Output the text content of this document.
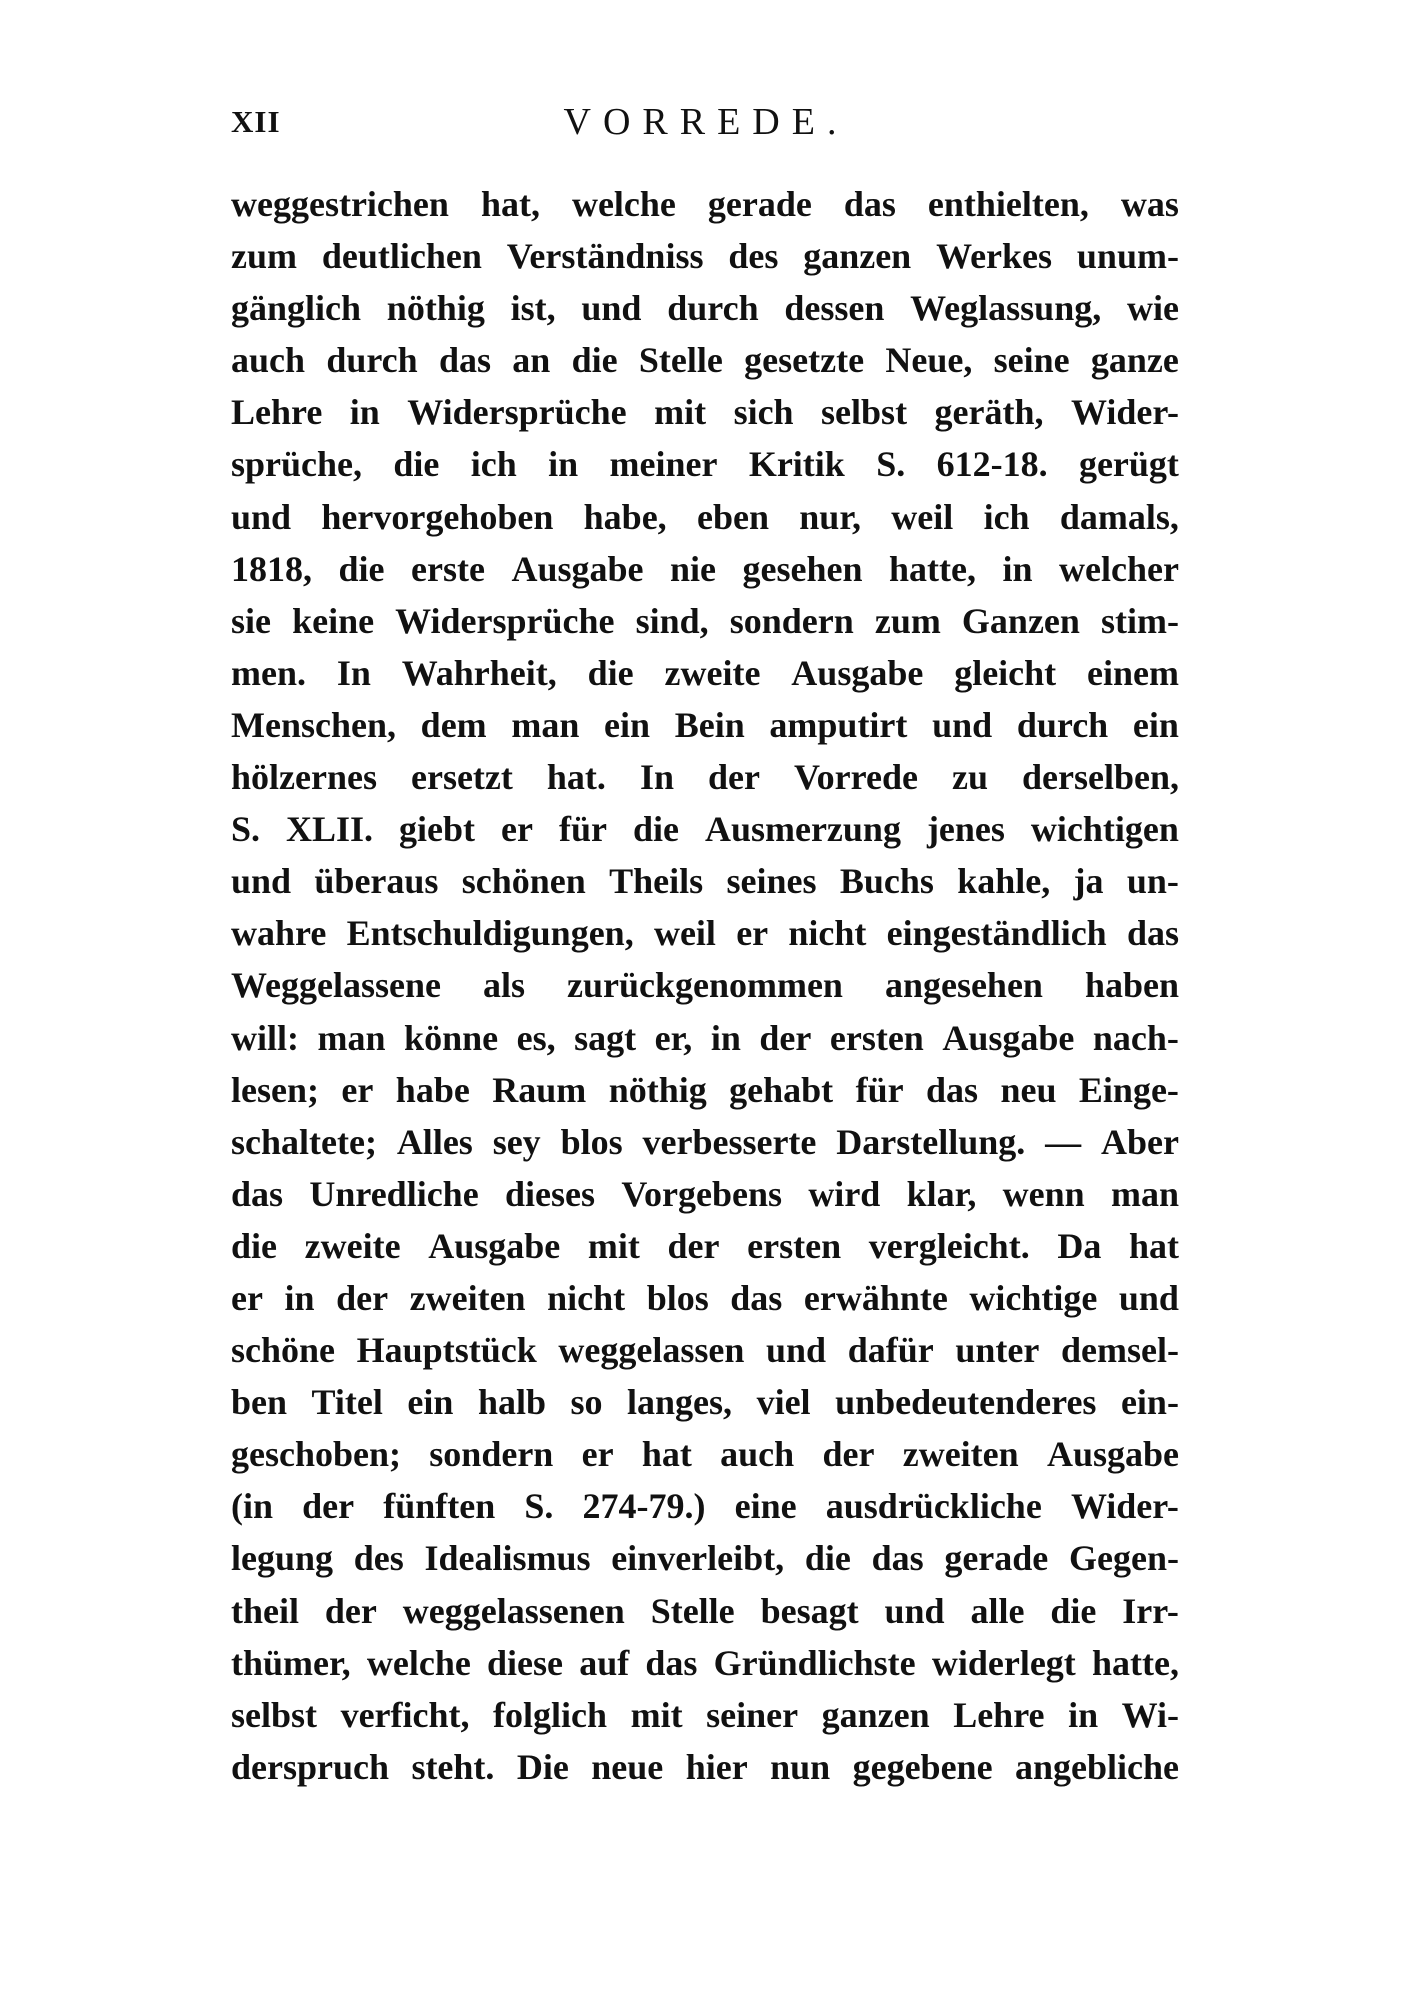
XII	VORREDE.
weggestrichen hat, welche gerade das enthielten, was
zum deutlichen Verständniss des ganzen Werkes unum-
gänglich nöthig ist, und durch dessen Weglassung, wie
auch durch das an die Stelle gesetzte Neue, seine ganze
Lehre in Widersprüche mit sich selbst geräth, Wider-
sprüche, die ich in meiner Kritik S. 612-18. gerügt
und hervorgehoben habe, eben nur, weil ich damals,
1818, die erste Ausgabe nie gesehen hatte, in welcher
sie keine Widersprüche sind, sondern zum Ganzen stim-
men. In Wahrheit, die zweite Ausgabe gleicht einem
Menschen, dem man ein Bein amputirt und durch ein
hölzernes ersetzt hat. In der Vorrede zu derselben,
S. XLII. giebt er für die Ausmerzung jenes wichtigen
und überaus schönen Theils seines Buchs kahle, ja un-
wahre Entschuldigungen, weil er nicht eingeständlich das
Weggelassene als zurückgenommen angesehen haben
will: man könne es, sagt er, in der ersten Ausgabe nach-
lesen; er habe Raum nöthig gehabt für das neu Einge-
schaltete; Alles sey blos verbesserte Darstellung. — Aber
das Unredliche dieses Vorgebens wird klar, wenn man
die zweite Ausgabe mit der ersten vergleicht. Da hat
er in der zweiten nicht blos das erwähnte wichtige und
schöne Hauptstück weggelassen und dafür unter demsel-
ben Titel ein halb so langes, viel unbedeutenderes ein-
geschoben; sondern er hat auch der zweiten Ausgabe
(in der fünften S. 274-79.) eine ausdrückliche Wider-
legung des Idealismus einverleibt, die das gerade Gegen-
theil der weggelassenen Stelle besagt und alle die Irr-
thümer, welche diese auf das Gründlichste widerlegt hatte,
selbst verficht, folglich mit seiner ganzen Lehre in Wi-
derspruch steht. Die neue hier nun gegebene angebliche
